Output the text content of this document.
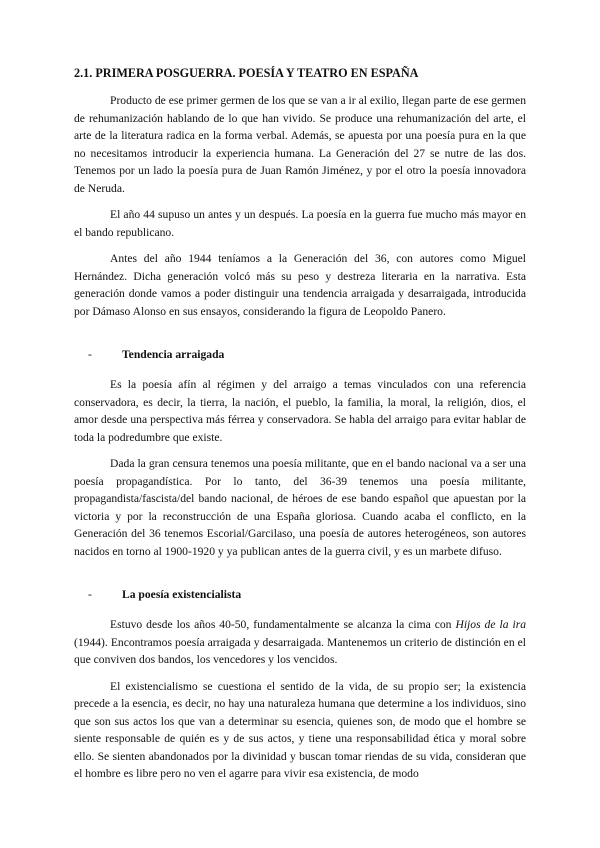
2.1. PRIMERA POSGUERRA. POESÍA Y TEATRO EN ESPAÑA

Producto de ese primer germen de los que se van a ir al exilio, llegan parte de ese germen de rehumanización hablando de lo que han vivido. Se produce una rehumanización del arte, el arte de la literatura radica en la forma verbal. Además, se apuesta por una poesía pura en la que no necesitamos introducir la experiencia humana. La Generación del 27 se nutre de las dos. Tenemos por un lado la poesía pura de Juan Ramón Jiménez, y por el otro la poesía innovadora de Neruda.

El año 44 supuso un antes y un después. La poesía en la guerra fue mucho más mayor en el bando republicano.

Antes del año 1944 teníamos a la Generación del 36, con autores como Miguel Hernández. Dicha generación volcó más su peso y destreza literaria en la narrativa. Esta generación donde vamos a poder distinguir una tendencia arraigada y desarraigada, introducida por Dámaso Alonso en sus ensayos, considerando la figura de Leopoldo Panero.

-	Tendencia arraigada

Es la poesía afín al régimen y del arraigo a temas vinculados con una referencia conservadora, es decir, la tierra, la nación, el pueblo, la familia, la moral, la religión, dios, el amor desde una perspectiva más férrea y conservadora. Se habla del arraigo para evitar hablar de toda la podredumbre que existe.

Dada la gran censura tenemos una poesía militante, que en el bando nacional va a ser una poesía propagandística. Por lo tanto, del 36-39 tenemos una poesía militante, propagandista/fascista/del bando nacional, de héroes de ese bando español que apuestan por la victoria y por la reconstrucción de una España gloriosa. Cuando acaba el conflicto, en la Generación del 36 tenemos Escorial/Garcilaso, una poesía de autores heterogéneos, son autores nacidos en torno al 1900-1920 y ya publican antes de la guerra civil, y es un marbete difuso.

-	La poesía existencialista

Estuvo desde los años 40-50, fundamentalmente se alcanza la cima con Hijos de la ira (1944). Encontramos poesía arraigada y desarraigada. Mantenemos un criterio de distinción en el que conviven dos bandos, los vencedores y los vencidos.

El existencialismo se cuestiona el sentido de la vida, de su propio ser; la existencia precede a la esencia, es decir, no hay una naturaleza humana que determine a los individuos, sino que son sus actos los que van a determinar su esencia, quienes son, de modo que el hombre se siente responsable de quién es y de sus actos, y tiene una responsabilidad ética y moral sobre ello. Se sienten abandonados por la divinidad y buscan tomar riendas de su vida, consideran que el hombre es libre pero no ven el agarre para vivir esa existencia, de modo
